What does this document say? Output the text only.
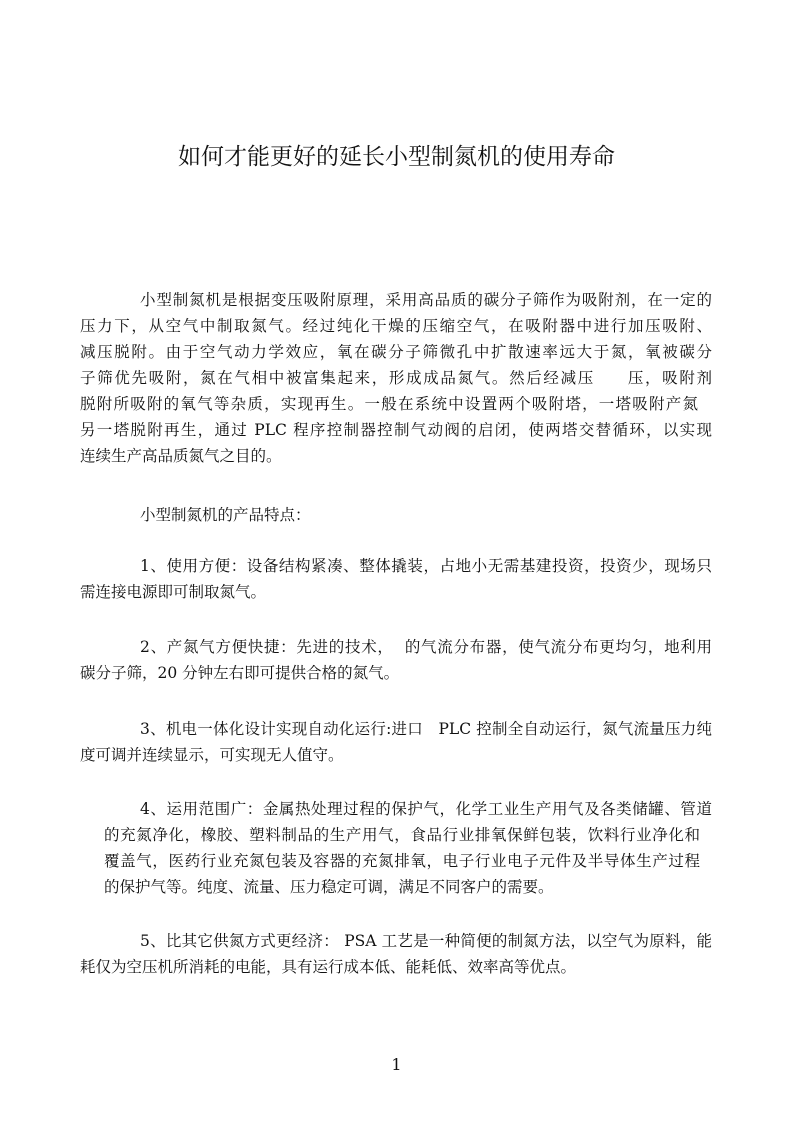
如何才能更好的延长小型制氮机的使用寿命
小型制氮机是根据变压吸附原理，采用高品质的碳分子筛作为吸附剂，在一定的
压力下，从空气中制取氮气。经过纯化干燥的压缩空气，在吸附器中进行加压吸附、
减压脱附。由于空气动力学效应，氧在碳分子筛微孔中扩散速率远大于氮，氧被碳分
子筛优先吸附，氮在气相中被富集起来，形成成品氮气。然后经减压     压，吸附剂
脱附所吸附的氧气等杂质，实现再生。一般在系统中设置两个吸附塔，一塔吸附产氮
另一塔脱附再生，通过 PLC 程序控制器控制气动阀的启闭，使两塔交替循环，以实现
连续生产高品质氮气之目的。
小型制氮机的产品特点：
1、使用方便：设备结构紧凑、整体撬装，占地小无需基建投资，投资少，现场只
需连接电源即可制取氮气。
2、产氮气方便快捷：先进的技术，  的气流分布器，使气流分布更均匀，地利用
碳分子筛，20 分钟左右即可提供合格的氮气。
3、机电一体化设计实现自动化运行:进口   PLC 控制全自动运行，氮气流量压力纯
度可调并连续显示，可实现无人值守。
4、运用范围广：金属热处理过程的保护气，化学工业生产用气及各类储罐、管道
的充氮净化，橡胶、塑料制品的生产用气，食品行业排氧保鲜包装，饮料行业净化和
覆盖气，医药行业充氮包装及容器的充氮排氧，电子行业电子元件及半导体生产过程
的保护气等。纯度、流量、压力稳定可调，满足不同客户的需要。
5、比其它供氮方式更经济： PSA 工艺是一种简便的制氮方法，以空气为原料，能
耗仅为空压机所消耗的电能，具有运行成本低、能耗低、效率高等优点。
1
